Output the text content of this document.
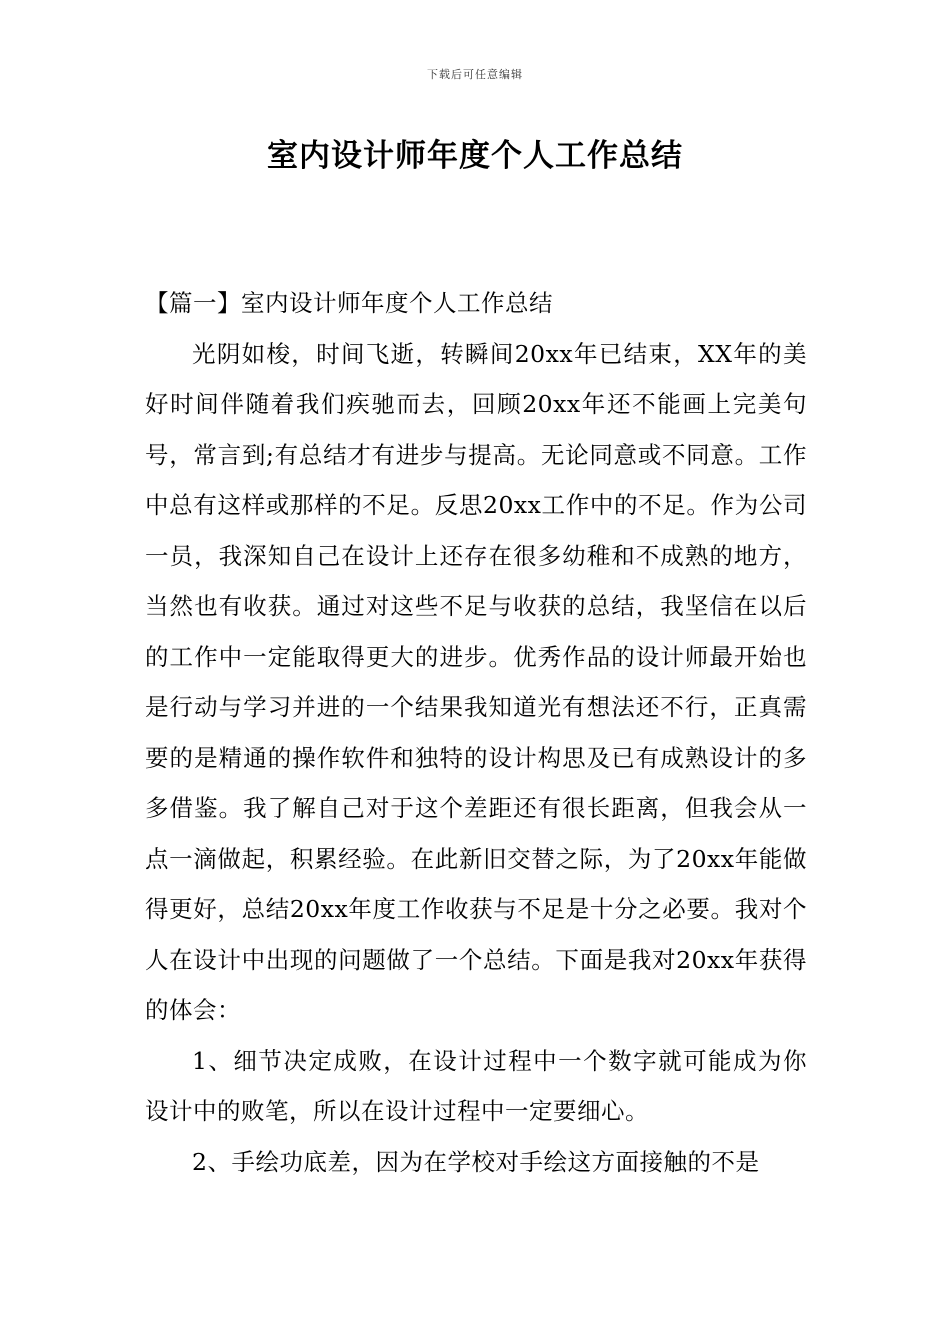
下载后可任意编辑
室内设计师年度个人工作总结

【篇一】室内设计师年度个人工作总结

光阴如梭，时间飞逝，转瞬间20xx年已结束，XX年的美好时间伴随着我们疾驰而去，回顾20xx年还不能画上完美句号，常言到;有总结才有进步与提高。无论同意或不同意。工作中总有这样或那样的不足。反思20xx工作中的不足。作为公司一员，我深知自己在设计上还存在很多幼稚和不成熟的地方，当然也有收获。通过对这些不足与收获的总结，我坚信在以后的工作中一定能取得更大的进步。优秀作品的设计师最开始也是行动与学习并进的一个结果我知道光有想法还不行，正真需要的是精通的操作软件和独特的设计构思及已有成熟设计的多多借鉴。我了解自己对于这个差距还有很长距离，但我会从一点一滴做起，积累经验。在此新旧交替之际，为了20xx年能做得更好，总结20xx年度工作收获与不足是十分之必要。我对个人在设计中出现的问题做了一个总结。下面是我对20xx年获得的体会：

1、细节决定成败，在设计过程中一个数字就可能成为你设计中的败笔，所以在设计过程中一定要细心。

2、手绘功底差，因为在学校对手绘这方面接触的不是
